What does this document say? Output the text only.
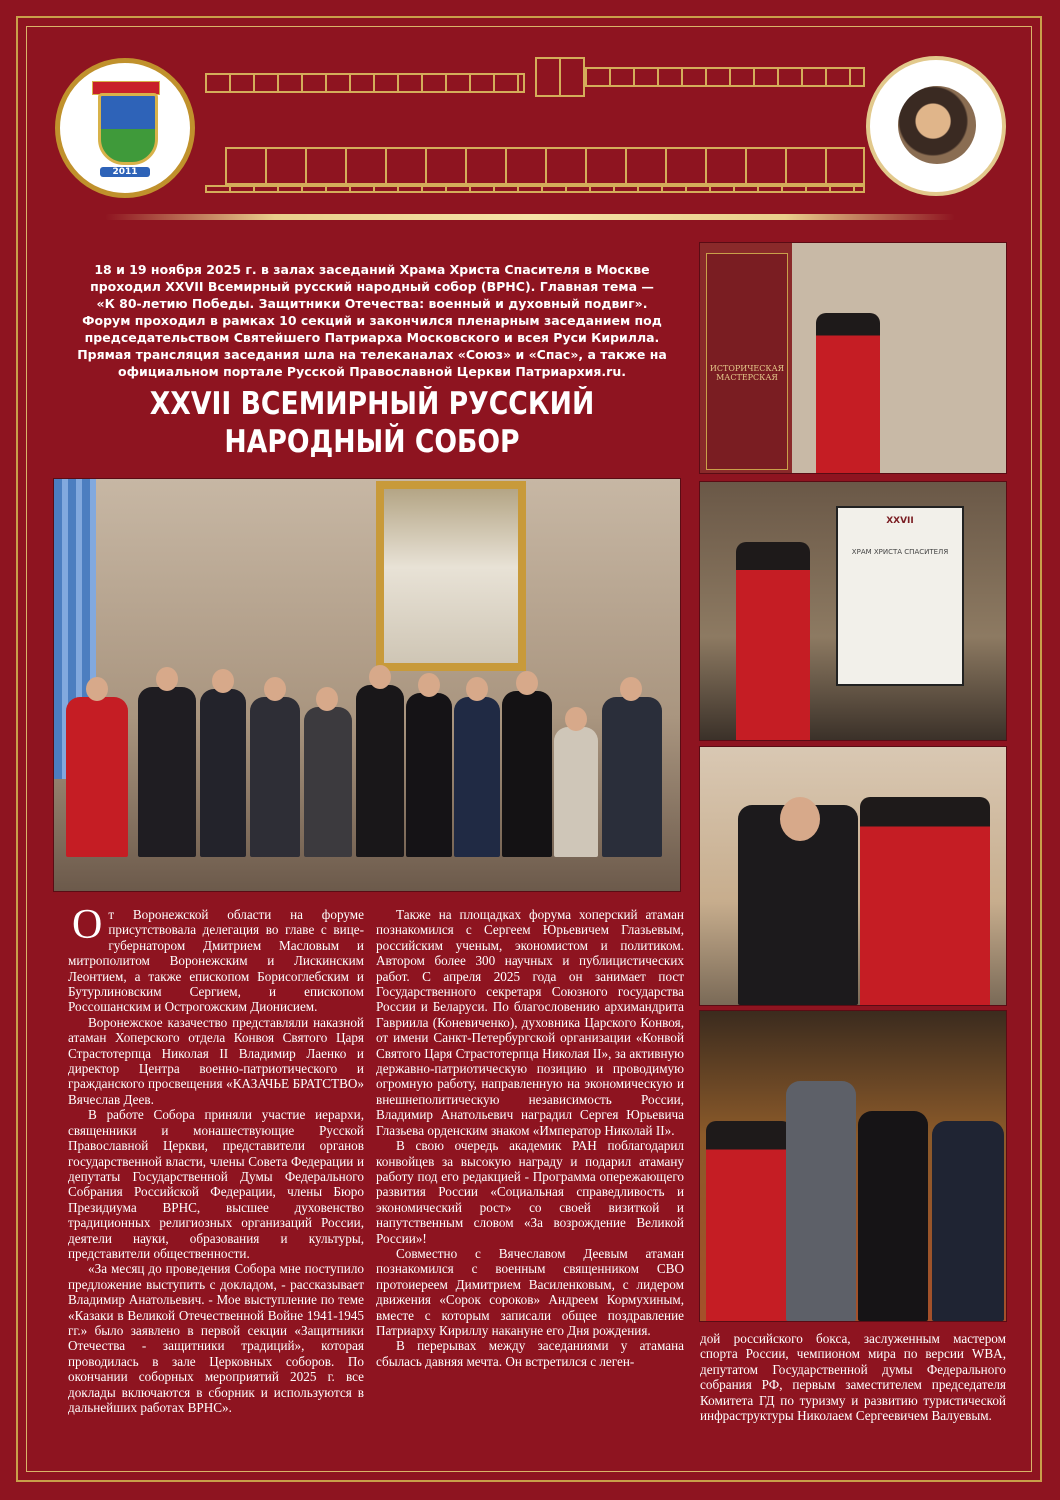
2011

18 и 19 ноября 2025 г. в залах заседаний Храма Христа Спасителя в Москве

проходил XXVII Всемирный русский народный собор (ВРНС). Главная тема —

«К 80-летию Победы. Защитники Отечества: военный и духовный подвиг».

Форум проходил в рамках 10 секций и закончился пленарным заседанием под

председательством Святейшего Патриарха Московского и всея Руси Кирилла.

Прямая трансляция заседания шла на телеканалах «Союз» и «Спас», а также на

официальном портале Русской Православной Церкви Патриархия.ru.

XXVII ВСЕМИРНЫЙ РУССКИЙ
НАРОДНЫЙ СОБОР
ИСТОРИЧЕСКАЯ МАСТЕРСКАЯ
XXVII
ХРАМ ХРИСТА СПАСИТЕЛЯ

От Воронежской области на форуме присутствовала делегация во главе с вице-губернатором Дмитрием Масловым и митрополитом Воронежским и Лискинским Леонтием, а также епископом Борисоглебским и Бутурлиновским Сергием, и епископом Россошанским и Острогожским Дионисием.

Воронежское казачество представляли наказной атаман Хоперского отдела Конвоя Святого Царя Страстотерпца Николая II Владимир Лаенко и директор Центра военно-патриотического и гражданского просвещения «КАЗАЧЬЕ БРАТСТВО» Вячеслав Деев.

В работе Собора приняли участие иерархи, священники и монашествующие Русской Православной Церкви, представители органов государственной власти, члены Совета Федерации и депутаты Государственной Думы Федерального Собрания Российской Федерации, члены Бюро Президиума ВРНС, высшее духовенство традиционных религиозных организаций России, деятели науки, образования и культуры, представители общественности.

«За месяц до проведения Собора мне поступило предложение выступить с докладом, - рассказывает Владимир Анатольевич. - Мое выступление по теме «Казаки в Великой Отечественной Войне 1941-1945 гг.» было заявлено в первой секции «Защитники Отечества - защитники традиций», которая проводилась в зале Церковных соборов. По окончании соборных мероприятий 2025 г. все доклады включаются в сборник и используются в дальнейших работах ВРНС».

Также на площадках форума хоперский атаман познакомился с Сергеем Юрьевичем Глазьевым, российским ученым, экономистом и политиком. Автором более 300 научных и публицистических работ. С апреля 2025 года он занимает пост Государственного секретаря Союзного государства России и Беларуси. По благословению архимандрита Гавриила (Коневиченко), духовника Царского Конвоя, от имени Санкт-Петербургской организации «Конвой Святого Царя Страстотерпца Николая II», за активную державно-патриотическую позицию и проводимую огромную работу, направленную на экономическую и внешнеполитическую независимость России, Владимир Анатольевич наградил Сергея Юрьевича Глазьева орденским знаком «Император Николай II».

В свою очередь академик РАН поблагодарил конвойцев за высокую награду и подарил атаману работу под его редакцией - Программа опережающего развития России «Социальная справедливость и экономический рост» со своей визиткой и напутственным словом «За возрождение Великой России»!

Совместно с Вячеславом Деевым атаман познакомился с военным священником СВО протоиереем Димитрием Василенковым, с лидером движения «Сорок сороков» Андреем Кормухиным, вместе с которым записали общее поздравление Патриарху Кириллу накануне его Дня рождения.

В перерывах между заседаниями у атамана сбылась давняя мечта. Он встретился с леген-

дой российского бокса, заслуженным мастером спорта России, чемпионом мира по версии WBA, депутатом Государственной думы Федерального собрания РФ, первым заместителем председателя Комитета ГД по туризму и развитию туристической инфраструктуры Николаем Сергеевичем Валуевым.
